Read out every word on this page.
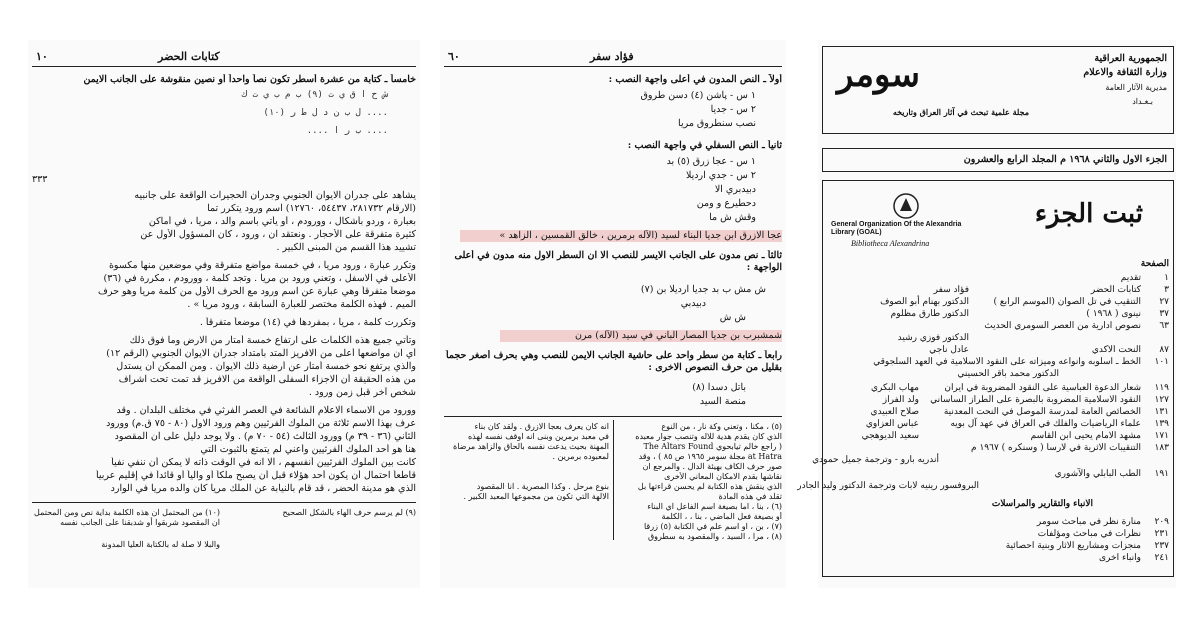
١٠	كتابات الحضر
خامساً ـ كتابة من عشرة أسطر تكون نصاً واحداً أو نصين منقوشة على الجانب الايمن
ش ح ا ق ي ت (٩) ب م ب ي ت ك
ل ب ن د ل ط ر (١٠) ....
.... ب ر ا ....
٣٣٣
يشاهد على جدران الايوان الجنوبي وجدران الحجيرات الواقعة على جانبيه
(الارقام ٢٨١٧٣٢، ٥٤٤٣٧، ١٢٧٦٠) اسم ورود يتكرر تما
بعبارة ، وردو بأشكال ، وورودم ، أو يأتي باسم والد ، مريا ، في أماكن
كثيرة متفرقة على الأحجار . ونعتقد ان ، ورود ، كان المسؤول الأول عن
تشييد هذا القسم من المبنى الكبير .
وتكرر عبارة ، ورود مريا ، في خمسة مواضع متفرقة وفي موضعين منها مكسوة
الأعلى في الاسفل ، وتعني ورود بن مريا . وتجد كلمة ، وورودم ، مكررة في (٣٦)
موضعاً متفرقاً وهي عبارة عن اسم ورود مع الحرف الأول من كلمة مريا وهو حرف
الميم . فهذه الكلمة مختصر للعبارة السابقة ، ورود مريا » .
وتكررت كلمة ، مريا ، بمفردها في (١٤) موضعاً متفرقاً .
وتأتي جميع هذه الكلمات على ارتفاع خمسة أمتار من الارض وما فوق ذلك
أي ان مواضعها أعلى من الافريز المتد بامتداد جدران الايوان الجنوبي (الرقم ١٢)
والذي يرتفع نحو خمسة أمتار عن أرضية ذلك الايوان . ومن الممكن أن يستدل
من هذه الحقيقة أن الاجزاء السفلى الواقعة من الافريز قد تمت تحت اشراف
شخص آخر قبل زمن ورود .
وورود من الاسماء الاعلام الشائعة في العصر الفرثي في مختلف البلدان . وقد
عرف بهذا الاسم ثلاثة من الملوك الفرثيين وهم ورود الاول (٨٠ - ٧٥ ق.م) وورود
الثاني (٣٦ - ٣٩ م) وورود الثالث (٥٤ - ٧٠ م) . ولا يوجد دليل على ان المقصود
هنا هو أحد الملوك الفرثيين وأعني لم يتمتع بالثبوت التي
كانت بين الملوك الفرثيين أنفسهم ، الا انه في الوقت ذاته لا يمكن أن ننفي نفياً
قاطعاً احتمال أن يكون أحد هؤلاء قبل أن يصبح ملكاً أو والياً أو قائداً في إقليم عربياً
الذي هو مدينة الحضر ، قد قام بالنيابة عن الملك مريا كان والده مريا في الوارد
(٩) لم يرسم حرف الهاء بالشكل الصحيح
(١٠) من المحتمل ان هذه الكلمة بداية نص ومن المحتمل ان المقصود شربقوا أو شدبقنا على الجانب نفسه
والبلا لا صلة له بالكتابة العليا المدونة
٦٠	فؤاد سفر
أولاً ـ النص المدون في أعلى واجهة النصب :
١ س - پاشن (٤) دسن طروق
٢ س - جديا
نصب سنطروق مريا
ثانياً ـ النص السفلي في واجهة النصب :
١ س - عجا زرق (٥) بد
٢ س - جدي ارديلا
دبيدبري الا
دحطيرع و ومن
وقش ش ما
عجا الازرق ابن جديا البناء لسيد (الآله برمرين ، خالق القمسين ، الزاهد »
ثالثاً ـ نص مدون على الجانب الايسر للنصب الا ان السطر الاول منه مدون في أعلى الواجهة :
ش مش ب بد جديا ارديلا بن (٧)
دبيدبي
ش ش
شمشبرب بن جديا المصار الباني في سيد (الآله) مرن
رابعاً ـ كتابة من سطر واحد على حاشية الجانب الايمن للنصب وهي بحرف أصغر حجماً بقليل من حرف النصوص الاخرى :
باتل دسدا (٨)
منصة السيد
(٥) ، مكنا ، وتعني وكة نار ، من النوع
الذي كان يقدم هدية للاله وتنصب جوار معبده
( راجع خالم تيابحوي The Altars Found
at Hatra مجلة سومر ١٩٦٥ ص ٨٥ ) ، وقد
صور حرف الكاف بهيئة الدال . والمرجع ان
نقاشها بقدم الامكان المعاني الأخرى
الذي ينقش هذه الكتابة لم يحسن قراءتها بل
تقلد في هذه المادة
(٦) ، بنا ، اما بصيغة اسم الفاعل اي البناء
أو بصيغة فعل الماضي ، بنا ، ، الكلمة
(٧) ، بن ، او اسم علم في الكتابة (٥) زرقا
(٨) ، مرا ، السيد ، والمقصود به سطروق
انه كان يعرف بعجا الازرق . ولقد كان بناء
في معبد برمرين وبنى انه اوقف نفسه لهذه
المهنة بحيث يدعت نفسه بالحاق والزاهد مرضاة
لمعبوده برمرين .
بنوع مرحل . وكذا المصرية . انا المقصود
الالهة التي تكون من مجموعها المعبد الكبير .
سومر
مجلة علمية تبحث في آثار العراق وتاريخه
الجمهورية العراقية
وزارة الثقافة والاعلام
مديرية الآثار العامة
بـغـداد
الجزء الاول والثاني ١٩٦٨ م المجلد الرابع والعشرون
General Organization Of the Alexandria Library (GOAL)
Bibliotheca Alexandrina
ثبت الجزء
الصفحة
١
تقديم
٣
كتابات الحضر
فؤاد سفر
٢٧
التنقيب في تل الصوان (الموسم الرابع )
الدكتور بهنام أبو الصوف
٣٧
نينوى ( ١٩٦٨ )
الدكتور طارق مظلوم
٦٣
نصوص ادارية من العصر السومري الحديث
الدكتور فوزي رشيد
٨٧
النحت الاكدي
عادل ناجي
١٠١
الخط ـ اسلوبه وانواعه وميزاته على النقود الاسلامية في العهد السلجوقي
الدكتور محمد باقر الحسيني
١١٩
شعار الدعوة العباسية على النقود المضروبة في ايران
مهاب البكري
١٢٧
النقود الاسلامية المضروبة بالبصرة على الطراز الساساني
ولد الفراز
١٣١
الخصائص العامة لمدرسة الموصل في النحت المعدنية
صلاح العبيدي
١٣٩
علماء الرياضيات والفلك في العراق في عهد آل بويه
عباس العزاوي
١٧١
مشهد الامام يحيى ابن القاسم
سعيد الديوهجي
١٨٣
التنقيبات الاثرية في لارسا ( وسنكره ) ١٩٦٧ م
أندريه بارو - وترجمة جميل حمودي
١٩١
الطب البابلي والآشوري
البروفسور رينيه لابات وترجمة الدكتور وليد الجادر
الانباء والتقارير والمراسلات
٢٠٩
منارة نظر في مباحث سومر
٢٣١
نظرات في مباحث ومؤلفات
٢٣٧
منجزات ومشاريع الاثار وبنية احصائية
٢٤١
وانباء اخرى
